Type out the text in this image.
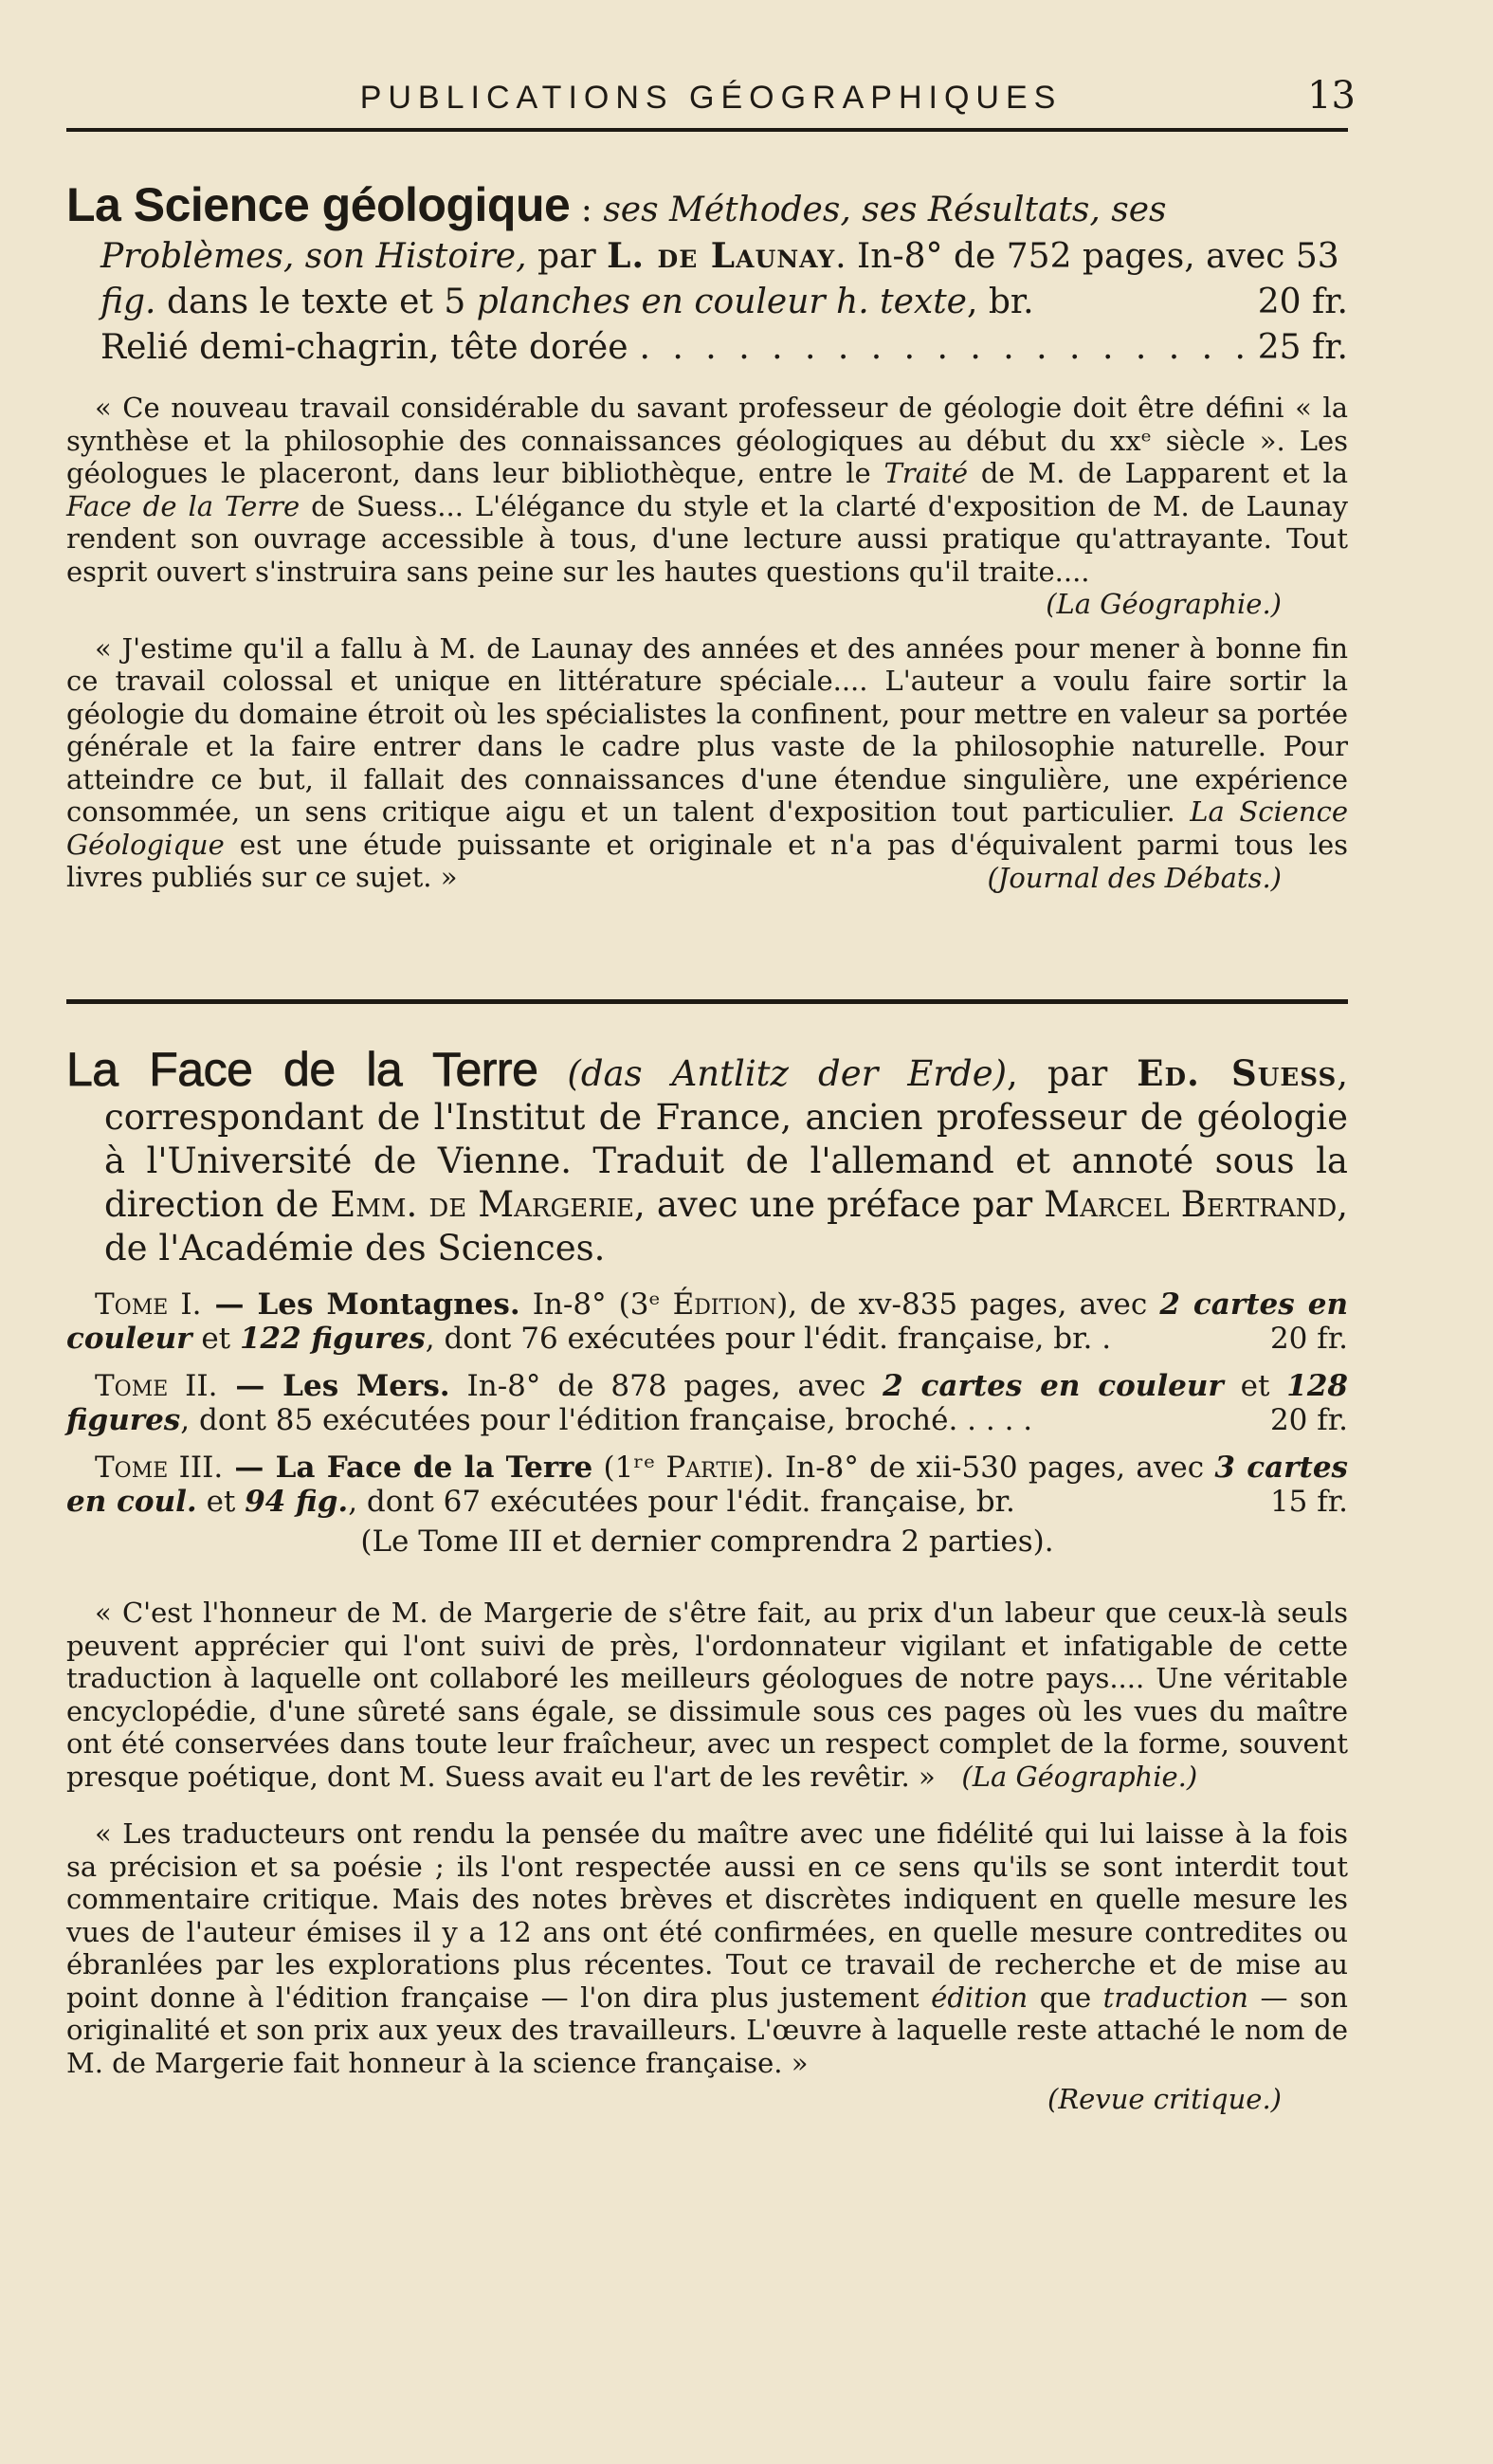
PUBLICATIONS GÉOGRAPHIQUES	13

La Science géologique : ses Méthodes, ses Résultats, ses Problèmes, son Histoire, par L. de Launay. In-8° de 752 pages, avec 53 fig. dans le texte et 5 planches en couleur h. texte, br.	20 fr.

Relié demi-chagrin, tête dorée
. . .	25 fr.

« Ce nouveau travail considérable du savant professeur de géologie doit être défini « la synthèse et la philosophie des connaissances géologiques au début du xxᵉ siècle ». Les géologues le placeront, dans leur bibliothèque, entre le Traité de M. de Lapparent et la Face de la Terre de Suess... L'élégance du style et la clarté d'exposition de M. de Launay rendent son ouvrage accessible à tous, d'une lecture aussi pratique qu'attrayante. Tout esprit ouvert s'instruira sans peine sur les hautes questions qu'il traite....

(La Géographie.)

« J'estime qu'il a fallu à M. de Launay des années et des années pour mener à bonne fin ce travail colossal et unique en littérature spéciale.... L'auteur a voulu faire sortir la géologie du domaine étroit où les spécialistes la confinent, pour mettre en valeur sa portée générale et la faire entrer dans le cadre plus vaste de la philosophie naturelle. Pour atteindre ce but, il fallait des connaissances d'une étendue singulière, une expérience consommée, un sens critique aigu et un talent d'exposition tout particulier. La Science Géologique est une étude puissante et originale et n'a pas d'équivalent parmi tous les livres publiés sur ce sujet. »	(Journal des Débats.)

La Face de la Terre (das Antlitz der Erde), par Ed. Suess, correspondant de l'Institut de France, ancien professeur de géologie à l'Université de Vienne. Traduit de l'allemand et annoté sous la direction de Emm. de Margerie, avec une préface par Marcel Bertrand, de l'Académie des Sciences.

Tome I. — Les Montagnes. In-8° (3ᵉ Édition), de xv-835 pages, avec 2 cartes en couleur et 122 figures, dont 76 exécutées pour l'édit. française, br. .	20 fr.

Tome II. — Les Mers. In-8° de 878 pages, avec 2 cartes en couleur et 128 figures, dont 85 exécutées pour l'édition française, broché. . . . .	20 fr.

Tome III. — La Face de la Terre (1ʳᵉ Partie). In-8° de xii-530 pages, avec 3 cartes en coul. et 94 fig., dont 67 exécutées pour l'édit. française, br.	15 fr.

(Le Tome III et dernier comprendra 2 parties).

« C'est l'honneur de M. de Margerie de s'être fait, au prix d'un labeur que ceux-là seuls peuvent apprécier qui l'ont suivi de près, l'ordonnateur vigilant et infatigable de cette traduction à laquelle ont collaboré les meilleurs géologues de notre pays.... Une véritable encyclopédie, d'une sûreté sans égale, se dissimule sous ces pages où les vues du maître ont été conservées dans toute leur fraîcheur, avec un respect complet de la forme, souvent presque poétique, dont M. Suess avait eu l'art de les revêtir. » (La Géographie.)

« Les traducteurs ont rendu la pensée du maître avec une fidélité qui lui laisse à la fois sa précision et sa poésie ; ils l'ont respectée aussi en ce sens qu'ils se sont interdit tout commentaire critique. Mais des notes brèves et discrètes indiquent en quelle mesure les vues de l'auteur émises il y a 12 ans ont été confirmées, en quelle mesure contredites ou ébranlées par les explorations plus récentes. Tout ce travail de recherche et de mise au point donne à l'édition française — l'on dira plus justement édition que traduction — son originalité et son prix aux yeux des travailleurs. L'œuvre à laquelle reste attaché le nom de M. de Margerie fait honneur à la science française. »

(Revue critique.)
